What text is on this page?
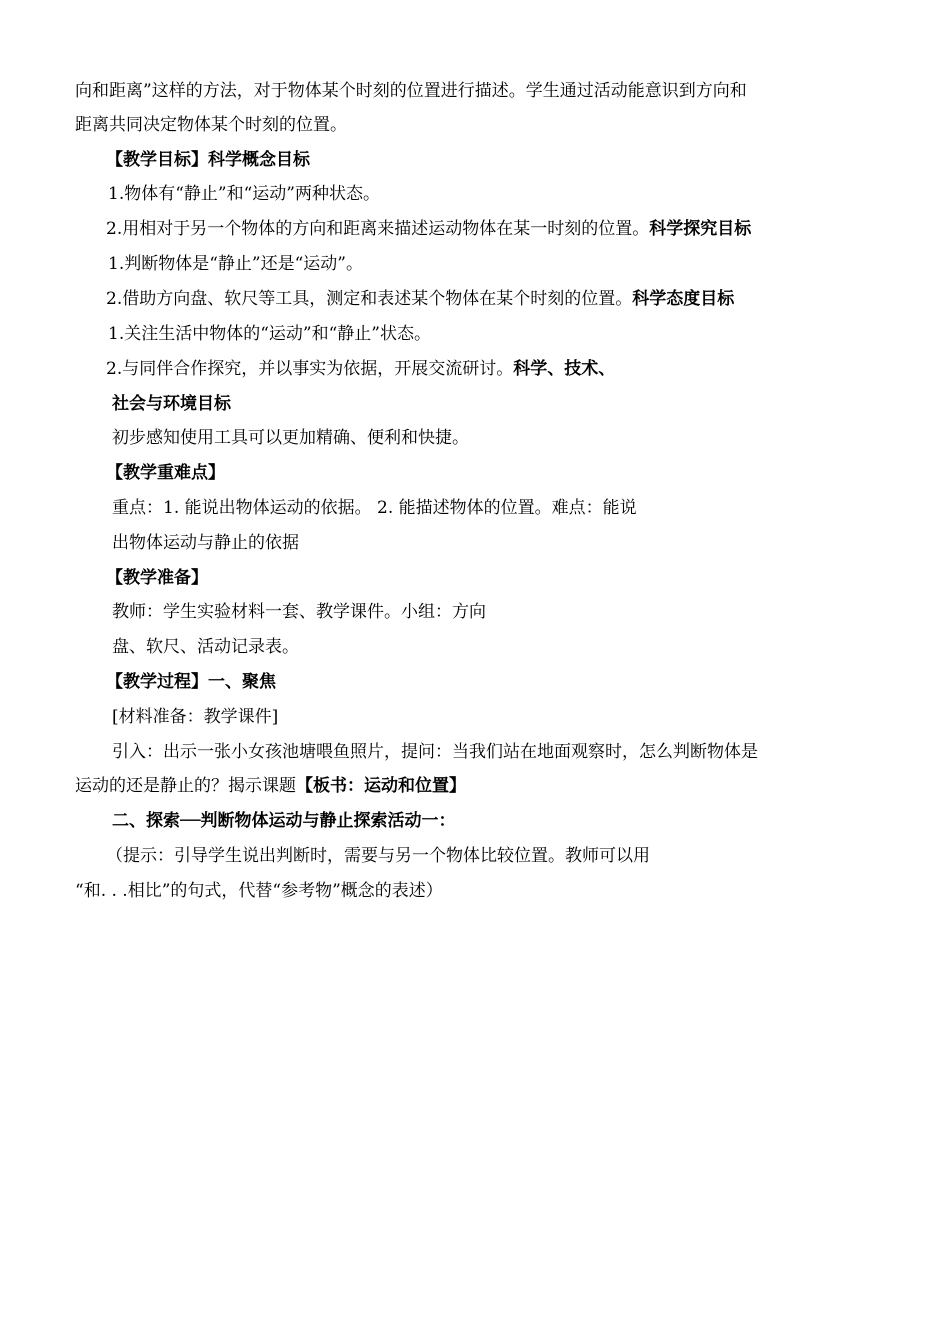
向和距离”这样的方法，对于物体某个时刻的位置进行描述。学生通过活动能意识到方向和
距离共同决定物体某个时刻的位置。
【教学目标】科学概念目标
1.物体有“静止”和“运动”两种状态。
2.用相对于另一个物体的方向和距离来描述运动物体在某一时刻的位置。科学探究目标
1.判断物体是“静止”还是“运动”。
2.借助方向盘、软尺等工具，测定和表述某个物体在某个时刻的位置。科学态度目标
1.关注生活中物体的“运动”和“静止”状态。
2.与同伴合作探究，并以事实为依据，开展交流研讨。科学、技术、
社会与环境目标
初步感知使用工具可以更加精确、便利和快捷。
【教学重难点】
重点：1. 能说出物体运动的依据。 2. 能描述物体的位置。难点：能说
出物体运动与静止的依据
【教学准备】
教师：学生实验材料一套、教学课件。小组：方向
盘、软尺、活动记录表。
【教学过程】一、聚焦
[材料准备：教学课件]
引入：出示一张小女孩池塘喂鱼照片，提问：当我们站在地面观察时，怎么判断物体是
运动的还是静止的？揭示课题【板书：运动和位置】
二、探索──判断物体运动与静止探索活动一：
（提示：引导学生说出判断时，需要与另一个物体比较位置。教师可以用
“和. . .相比”的句式，代替“参考物”概念的表述）
